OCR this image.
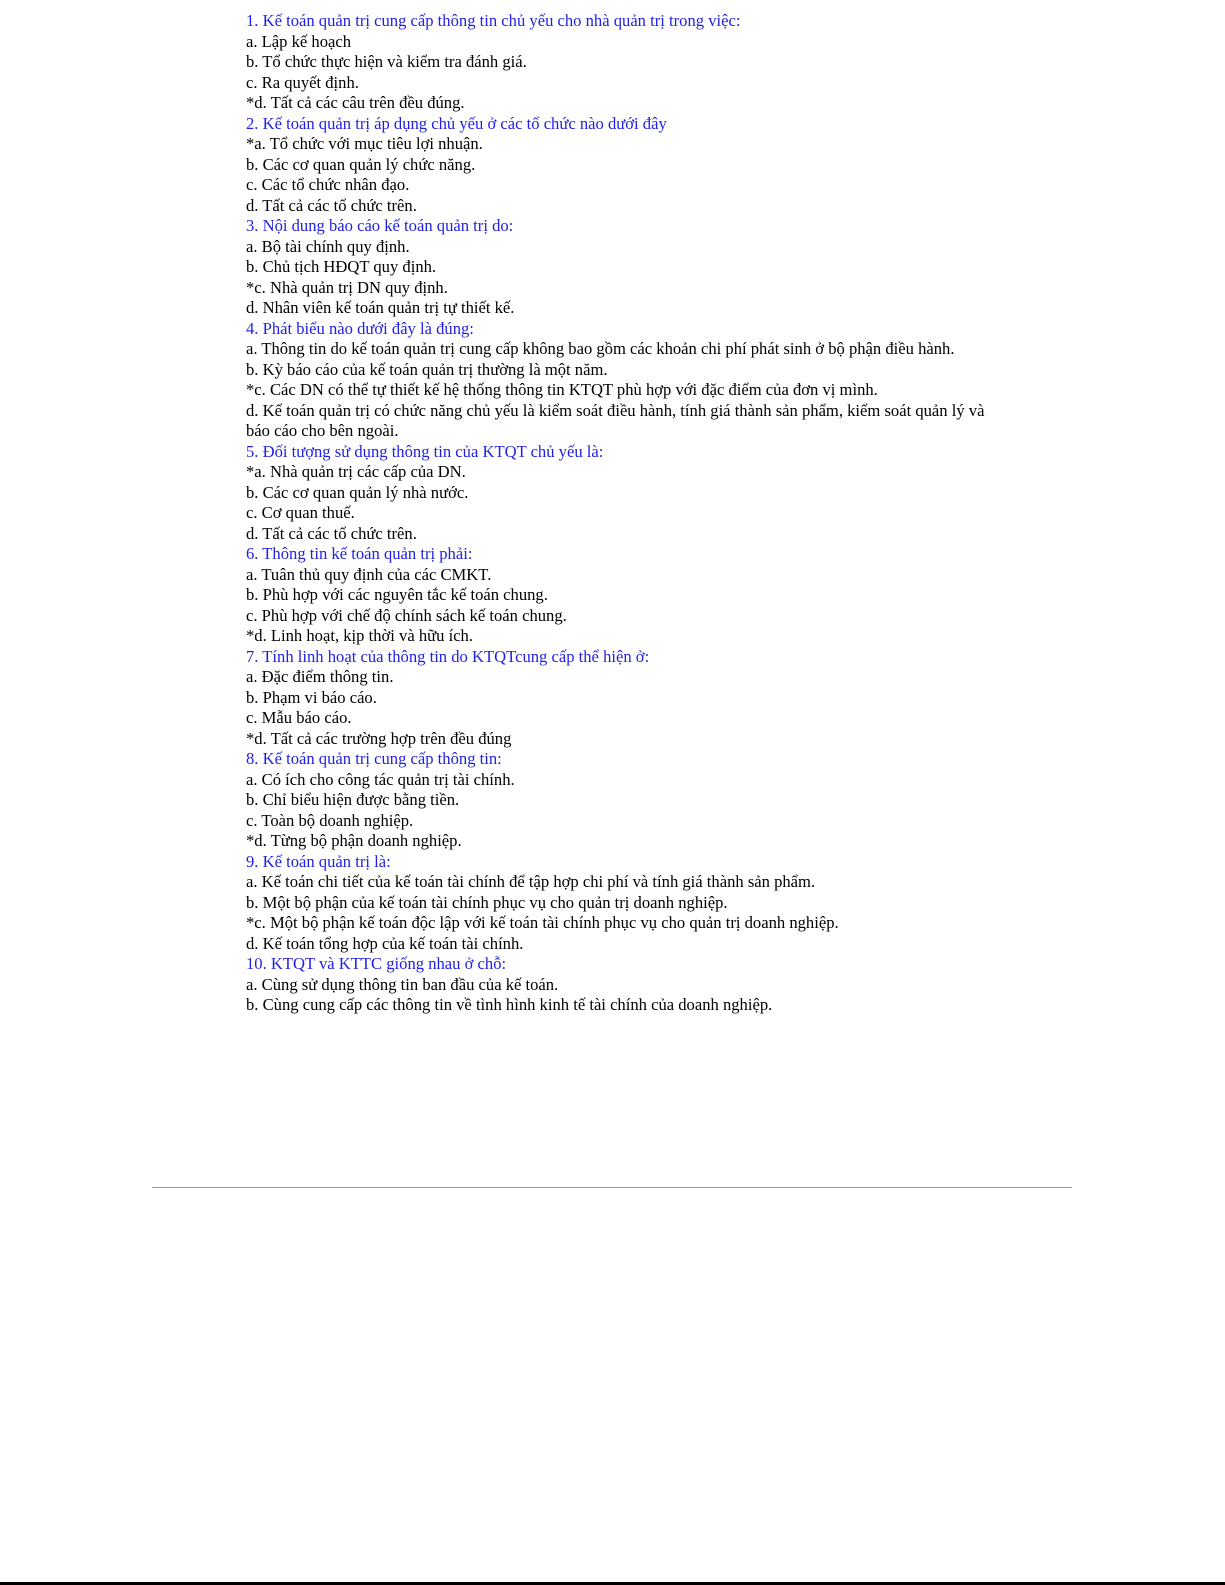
1. Kế toán quản trị cung cấp thông tin chủ yếu cho nhà quản trị trong việc:
a. Lập kế hoạch
b. Tổ chức thực hiện và kiểm tra đánh giá.
c. Ra quyết định.
*d. Tất cả các câu trên đều đúng.
2. Kế toán quản trị áp dụng chủ yếu ở các tổ chức nào dưới đây
*a. Tổ chức với mục tiêu lợi nhuận.
b. Các cơ quan quản lý chức năng.
c. Các tổ chức nhân đạo.
d. Tất cả các tổ chức trên.
3. Nội dung báo cáo kế toán quản trị do:
a. Bộ tài chính quy định.
b. Chủ tịch HĐQT quy định.
*c. Nhà quản trị DN quy định.
d. Nhân viên kế toán quản trị tự thiết kế.
4. Phát biểu nào dưới đây là đúng:
a. Thông tin do kế toán quản trị cung cấp không bao gồm các khoản chi phí phát sinh ở bộ phận điều hành.
b. Kỳ báo cáo của kế toán quản trị thường là một năm.
*c. Các DN có thể tự thiết kế hệ thống thông tin KTQT phù hợp với đặc điểm của đơn vị mình.
d. Kế toán quản trị có chức năng chủ yếu là kiểm soát điều hành, tính giá thành sản phẩm, kiểm soát quản lý và báo cáo cho bên ngoài.
5. Đối tượng sử dụng thông tin của KTQT chủ yếu là:
*a. Nhà quản trị các cấp của DN.
b. Các cơ quan quản lý nhà nước.
c. Cơ quan thuế.
d. Tất cả các tổ chức trên.
6. Thông tin kế toán quản trị phải:
a. Tuân thủ quy định của các CMKT.
b. Phù hợp với các nguyên tắc kế toán chung.
c. Phù hợp với chế độ chính sách kế toán chung.
*d. Linh hoạt, kịp thời và hữu ích.
7. Tính linh hoạt của thông tin do KTQTcung cấp thể hiện ở:
a. Đặc điểm thông tin.
b. Phạm vi báo cáo.
c. Mẫu báo cáo.
*d. Tất cả các trường hợp trên đều đúng
8. Kế toán quản trị cung cấp thông tin:
a. Có ích cho công tác quản trị tài chính.
b. Chỉ biểu hiện được bằng tiền.
c. Toàn bộ doanh nghiệp.
*d. Từng bộ phận doanh nghiệp.
9. Kế toán quản trị là:
a. Kế toán chi tiết của kế toán tài chính để tập hợp chi phí và tính giá thành sản phẩm.
b. Một bộ phận của kế toán tài chính phục vụ cho quản trị doanh nghiệp.
*c. Một bộ phận kế toán độc lập với kế toán tài chính phục vụ cho quản trị doanh nghiệp.
d. Kế toán tổng hợp của kế toán tài chính.
10. KTQT và KTTC giống nhau ở chỗ:
a. Cùng sử dụng thông tin ban đầu của kế toán.
b. Cùng cung cấp các thông tin về tình hình kinh tế tài chính của doanh nghiệp.
